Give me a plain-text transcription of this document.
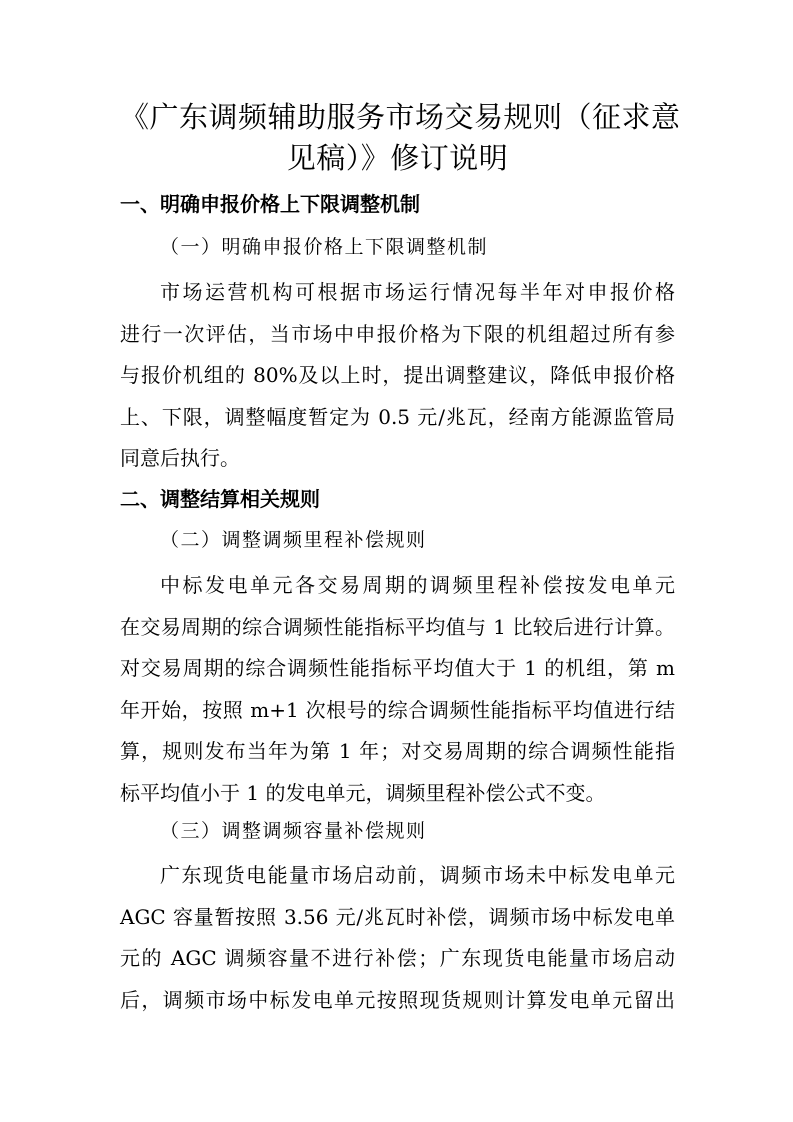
《广东调频辅助服务市场交易规则（征求意
见稿）》修订说明
一、明确申报价格上下限调整机制
（一）明确申报价格上下限调整机制
市场运营机构可根据市场运行情况每半年对申报价格
进行一次评估，当市场中申报价格为下限的机组超过所有参
与报价机组的 80%及以上时，提出调整建议，降低申报价格
上、下限，调整幅度暂定为 0.5 元/兆瓦，经南方能源监管局
同意后执行。
二、调整结算相关规则
（二）调整调频里程补偿规则
中标发电单元各交易周期的调频里程补偿按发电单元
在交易周期的综合调频性能指标平均值与 1 比较后进行计算。
对交易周期的综合调频性能指标平均值大于 1 的机组，第 m
年开始，按照 m+1 次根号的综合调频性能指标平均值进行结
算，规则发布当年为第 1 年；对交易周期的综合调频性能指
标平均值小于 1 的发电单元，调频里程补偿公式不变。
（三）调整调频容量补偿规则
广东现货电能量市场启动前，调频市场未中标发电单元
AGC 容量暂按照 3.56 元/兆瓦时补偿，调频市场中标发电单
元的 AGC 调频容量不进行补偿；广东现货电能量市场启动
后，调频市场中标发电单元按照现货规则计算发电单元留出
